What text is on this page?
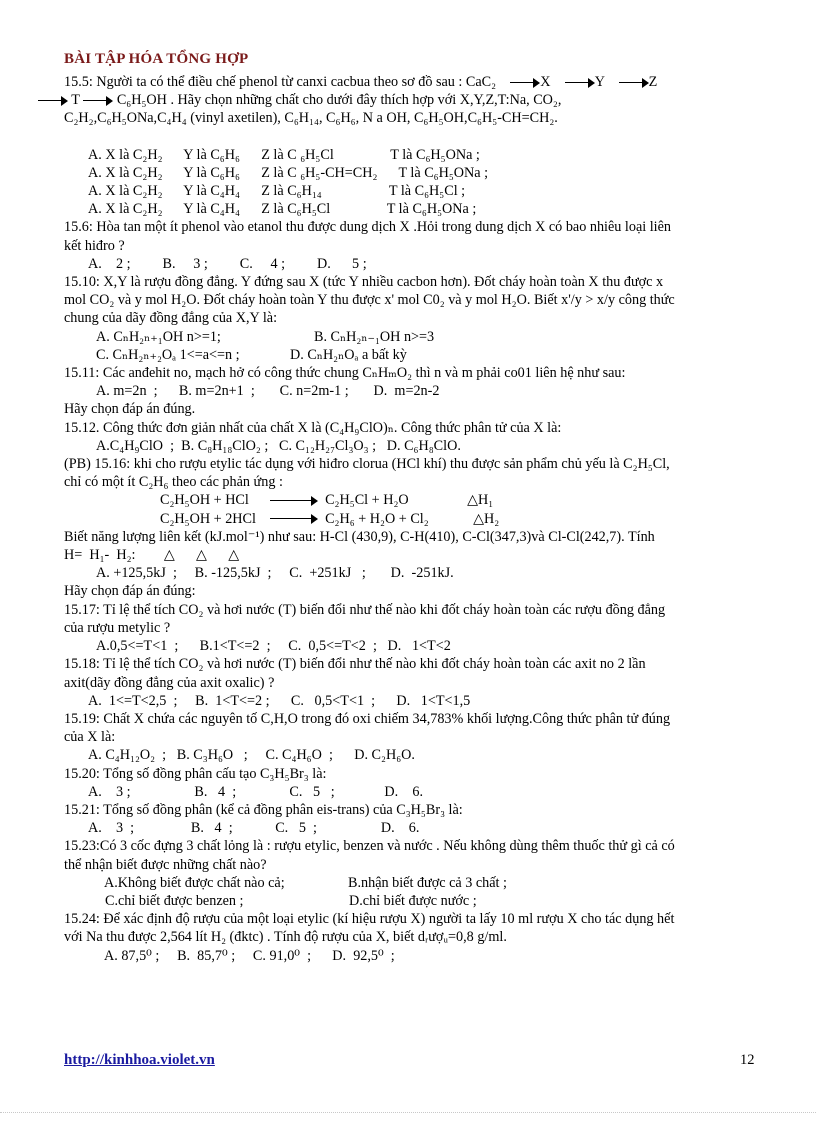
BÀI TẬP HÓA TỔNG HỢP

15.5: Người ta có thể điều chế phenol từ canxi cacbua theo sơ đồ sau : CaC₂	X	Y	Z

T	C₆H₅OH . Hãy chọn những chất cho dưới đây thích hợp với X,Y,Z,T:Na, CO₂,

C₂H₂,C₆H₅ONa,C₄H₄ (vinyl axetilen), C₆H₁₄, C₆H₆, N a OH, C₆H₅OH,C₆H₅-CH=CH₂.

A. X là C₂H₂      Y là C₆H₆      Z là C ₆H₅Cl                T là C₆H₅ONa ;

A. X là C₂H₂      Y là C₆H₆      Z là C ₆H₅-CH=CH₂      T là C₆H₅ONa ;

A. X là C₂H₂      Y là C₄H₄      Z là C₆H₁₄                   T là C₆H₅Cl ;

A. X là C₂H₂      Y là C₄H₄      Z là C₆H₅Cl                T là C₆H₅ONa ;

15.6: Hòa tan một ít phenol vào etanol thu được dung dịch X .Hỏi trong dung dịch X có bao nhiêu loại liên

kết hiđro ?

A.    2 ;         B.     3 ;         C.     4 ;         D.      5 ;

15.10: X,Y là rượu đồng đẳng. Y đứng sau X (tức Y nhiều cacbon hơn). Đốt cháy hoàn toàn X thu được x

mol CO₂ và y mol H₂O. Đốt cháy hoàn toàn Y thu được x' mol C0₂ và y mol H₂O. Biết x'/y > x/y công thức

chung của dãy đồng đẳng của X,Y là:

A. CₙH₂ₙ₊₁OH n>=1;	B. CₙH₂ₙ₋₁OH n>=3

C. CₙH₂ₙ₊₂Oₐ 1<=a<=n ;	D. CₙH₂ₙOₐ a bất kỳ

15.11: Các anđehit no, mạch hở có công thức chung CₙHₘO₂ thì n và m phải co01 liên hệ như sau:

A. m=2n  ;      B. m=2n+1  ;       C. n=2m-1 ;       D.  m=2n-2

Hãy chọn đáp án đúng.

15.12. Công thức đơn giản nhất của chất X là (C₄H₉ClO)ₙ. Công thức phân tử của X là:

A.C₄H₉ClO  ;  B. C₈H₁₈ClO₂ ;   C. C₁₂H₂₇Cl₃O₃ ;   D. C₆H₈ClO.

(PB) 15.16: khi cho rượu etylic tác dụng với hiđro clorua (HCl khí) thu được sản phẩm chủ yếu là C₂H₅Cl,

chỉ có một ít C₂H₆ theo các phản ứng :

C₂H₅OH + HCl	C₂H₅Cl + H₂O	△H₁

C₂H₅OH + 2HCl	C₂H₆ + H₂O + Cl₂	△H₂

Biết năng lượng liên kết (kJ.mol⁻¹) như sau: H-Cl (430,9), C-H(410), C-Cl(347,3)và Cl-Cl(242,7). Tính

H=  H₁-  H₂:        △      △      △

A. +125,5kJ  ;     B. -125,5kJ  ;     C.  +251kJ   ;       D.  -251kJ.

Hãy chọn đáp án đúng:

15.17: Tỉ lệ thể tích CO₂ và hơi nước (T) biến đổi như thế nào khi đốt cháy hoàn toàn các rượu đồng đẳng

của rượu metylic ?

A.0,5<=T<1  ;      B.1<T<=2  ;     C.  0,5<=T<2  ;   D.   1<T<2

15.18: Tỉ lệ thể tích CO₂ và hơi nước (T) biến đổi như thế nào khi đốt cháy hoàn toàn các axit no 2 lần

axit(dãy đồng đẳng của axit oxalic) ?

A.  1<=T<2,5  ;     B.  1<T<=2 ;      C.   0,5<T<1  ;      D.   1<T<1,5

15.19: Chất X chứa các nguyên tố C,H,O trong đó oxi chiếm 34,783% khối lượng.Công thức phân tử đúng

của X là:

A. C₄H₁₂O₂  ;   B. C₃H₆O   ;     C. C₄H₆O  ;      D. C₂H₆O.

15.20: Tổng số đồng phân cấu tạo C₃H₅Br₃ là:

A.    3 ;                  B.   4  ;               C.   5   ;              D.    6.

15.21: Tổng số đồng phân (kể cả đồng phân eis-trans) của C₃H₅Br₃ là:

A.    3  ;                B.   4  ;            C.   5  ;                  D.    6.

15.23:Có 3 cốc đựng 3 chất lỏng là : rượu etylic, benzen và nước . Nếu không dùng thêm thuốc thử gì cả có

thể nhận biết được những chất nào?

A.Không biết được chất nào cả;	B.nhận biết được cả 3 chất ;

C.chỉ biết được benzen ;	D.chỉ biết được nước ;

15.24: Để xác định độ rượu của một loại etylic (kí hiệu rượu X) người ta lấy 10 ml rượu X cho tác dụng hết

với Na thu được 2,564 lít H₂ (đktc) . Tính độ rượu của X, biết dᵣượᵤ=0,8 g/ml.

A. 87,5⁰ ;     B.  85,7⁰ ;     C. 91,0⁰  ;      D.  92,5⁰  ;

http://kinhhoa.violet.vn	12
